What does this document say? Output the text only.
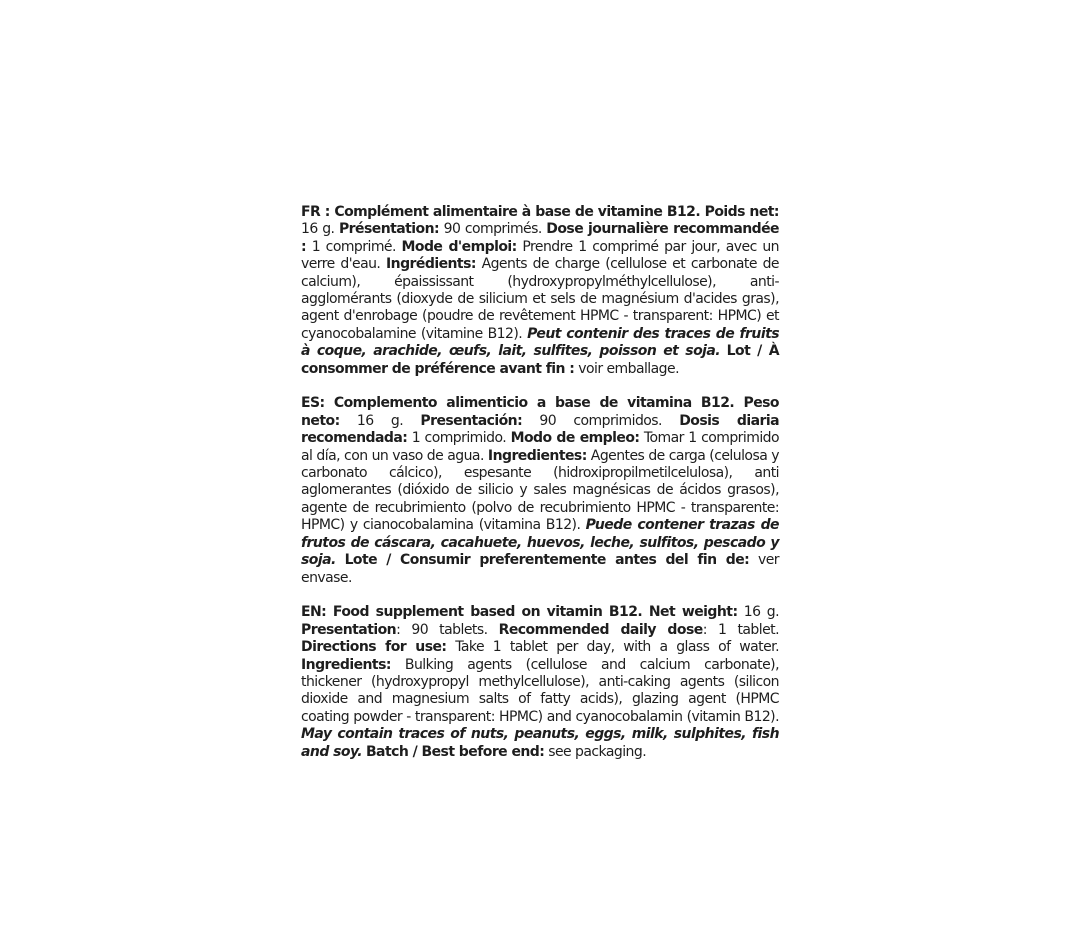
FR : Complément alimentaire à base de vitamine B12. Poids net: 16 g. Présentation: 90 comprimés. Dose journalière recommandée : 1 comprimé. Mode d'emploi: Prendre 1 comprimé par jour, avec un verre d'eau. Ingrédients: Agents de charge (cellulose et carbonate de calcium), épaississant (hydroxypropylméthylcellulose), anti-agglomérants (dioxyde de silicium et sels de magnésium d'acides gras), agent d'enrobage (poudre de revêtement HPMC - transparent: HPMC) et cyanocobalamine (vitamine B12). Peut contenir des traces de fruits à coque, arachide, œufs, lait, sulfites, poisson et soja. Lot / À consommer de préférence avant fin : voir emballage.

ES: Complemento alimenticio a base de vitamina B12. Peso neto: 16 g. Presentación: 90 comprimidos. Dosis diaria recomendada: 1 comprimido. Modo de empleo: Tomar 1 comprimido al día, con un vaso de agua. Ingredientes: Agentes de carga (celulosa y carbonato cálcico), espesante (hidroxipropilmetilcelulosa), anti aglomerantes (dióxido de silicio y sales magnésicas de ácidos grasos), agente de recubrimiento (polvo de recubrimiento HPMC - transparente: HPMC) y cianocobalamina (vitamina B12). Puede contener trazas de frutos de cáscara, cacahuete, huevos, leche, sulfitos, pescado y soja. Lote / Consumir preferentemente antes del fin de: ver envase.

EN: Food supplement based on vitamin B12. Net weight: 16 g. Presentation: 90 tablets. Recommended daily dose: 1 tablet. Directions for use: Take 1 tablet per day, with a glass of water. Ingredients: Bulking agents (cellulose and calcium carbonate), thickener (hydroxypropyl methylcellulose), anti-caking agents (silicon dioxide and magnesium salts of fatty acids), glazing agent (HPMC coating powder - transparent: HPMC) and cyanocobalamin (vitamin B12). May contain traces of nuts, peanuts, eggs, milk, sulphites, fish and soy. Batch / Best before end: see packaging.
